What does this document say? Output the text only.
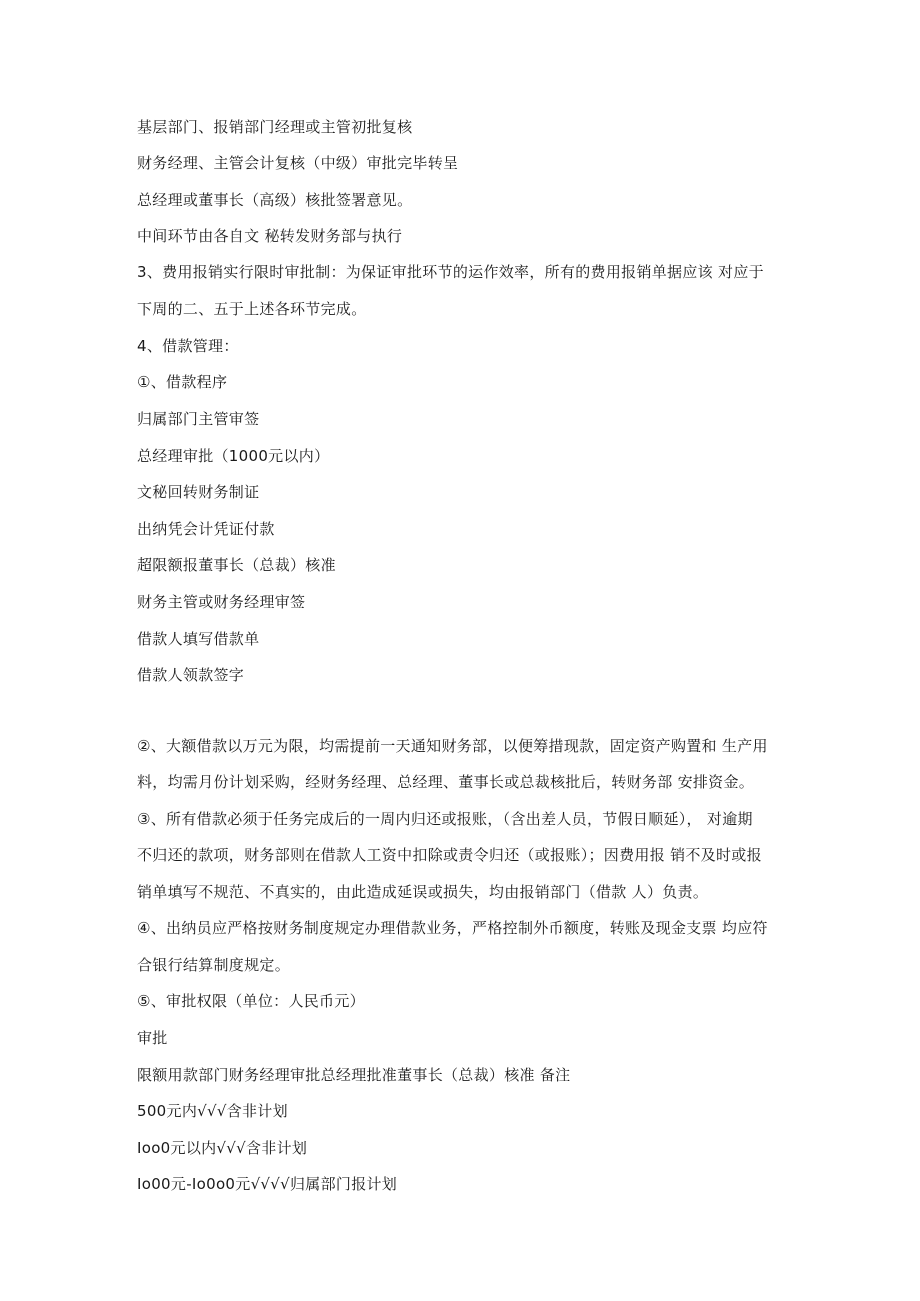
基层部门、报销部门经理或主管初批复核
财务经理、主管会计复核（中级）审批完毕转呈
总经理或董事长（高级）核批签署意见。
中间环节由各自文 秘转发财务部与执行
3、费用报销实行限时审批制：为保证审批环节的运作效率，所有的费用报销单据应该 对应于
下周的二、五于上述各环节完成。
4、借款管理：
①、借款程序
归属部门主管审签
总经理审批（1000元以内）
文秘回转财务制证
出纳凭会计凭证付款
超限额报董事长（总裁）核准
财务主管或财务经理审签
借款人填写借款单
借款人领款签字
②、大额借款以万元为限，均需提前一天通知财务部，以便筹措现款，固定资产购置和 生产用
料，均需月份计划采购，经财务经理、总经理、董事长或总裁核批后，转财务部 安排资金。
③、所有借款必须于任务完成后的一周内归还或报账，（含出差人员，节假日顺延）， 对逾期
不归还的款项，财务部则在借款人工资中扣除或责令归还（或报账）；因费用报 销不及时或报
销单填写不规范、不真实的，由此造成延误或损失，均由报销部门（借款 人）负责。
④、出纳员应严格按财务制度规定办理借款业务，严格控制外币额度，转账及现金支票 均应符
合银行结算制度规定。
⑤、审批权限（单位：人民币元）
审批
限额用款部门财务经理审批总经理批准董事长（总裁）核准 备注
500元内√√√含非计划
Ioo0元以内√√√含非计划
Io00元-Io0o0元√√√√归属部门报计划
